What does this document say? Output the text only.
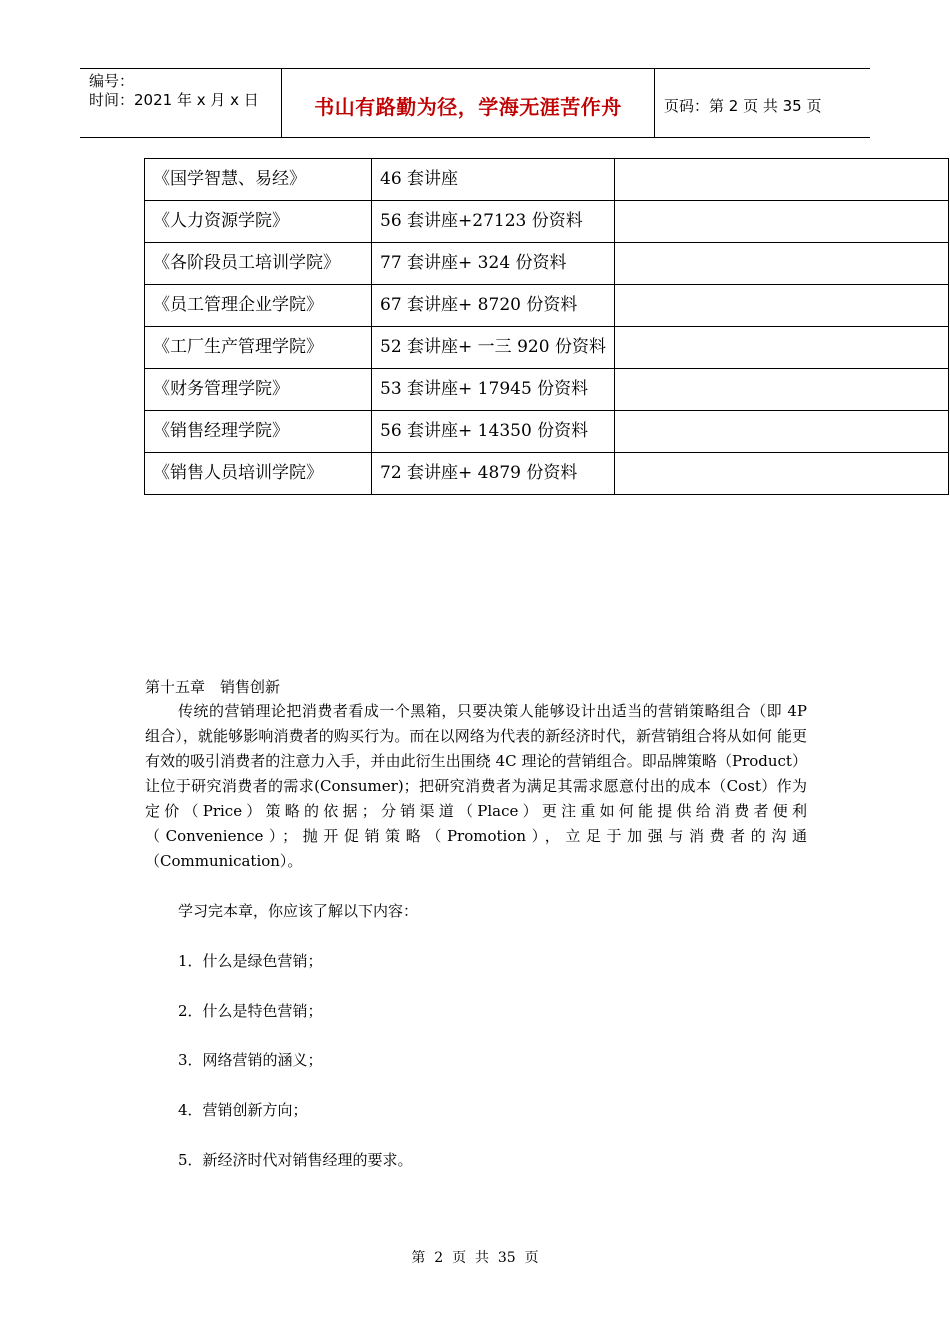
编号：
时间：2021 年 x 月 x 日	书山有路勤为径，学海无涯苦作舟	页码：第 2 页 共 35 页
《国学智慧、易经》	46 套讲座	
《人力资源学院》	56 套讲座+27123 份资料	
《各阶段员工培训学院》	77 套讲座+ 324 份资料	
《员工管理企业学院》	67 套讲座+ 8720 份资料	
《工厂生产管理学院》	52 套讲座+ 一三 920 份资料	
《财务管理学院》	53 套讲座+ 17945 份资料	
《销售经理学院》	56 套讲座+ 14350 份资料	
《销售人员培训学院》	72 套讲座+ 4879 份资料	
第十五章　销售创新
传统的营销理论把消费者看成一个黑箱，只要决策人能够设计出适当的营销策略组合（即 4P 组合），就能够影响消费者的购买行为。而在以网络为代表的新经济时代，新营销组合将从如何 能更有效的吸引消费者的注意力入手，并由此衍生出围绕 4C 理论的营销组合。即品牌策略（Product）让位于研究消费者的需求(Consumer)；把研究消费者为满足其需求愿意付出的成本（Cost）作为定价（Price）策略的依据；分销渠道（Place）更注重如何能提供给消费者便利（Convenience）；抛开促销策略（Promotion），立足于加强与消费者的沟通（Communication）。
学习完本章，你应该了解以下内容：
1．什么是绿色营销；
2．什么是特色营销；
3．网络营销的涵义；
4．营销创新方向；
5．新经济时代对销售经理的要求。
第  2  页  共  35  页
